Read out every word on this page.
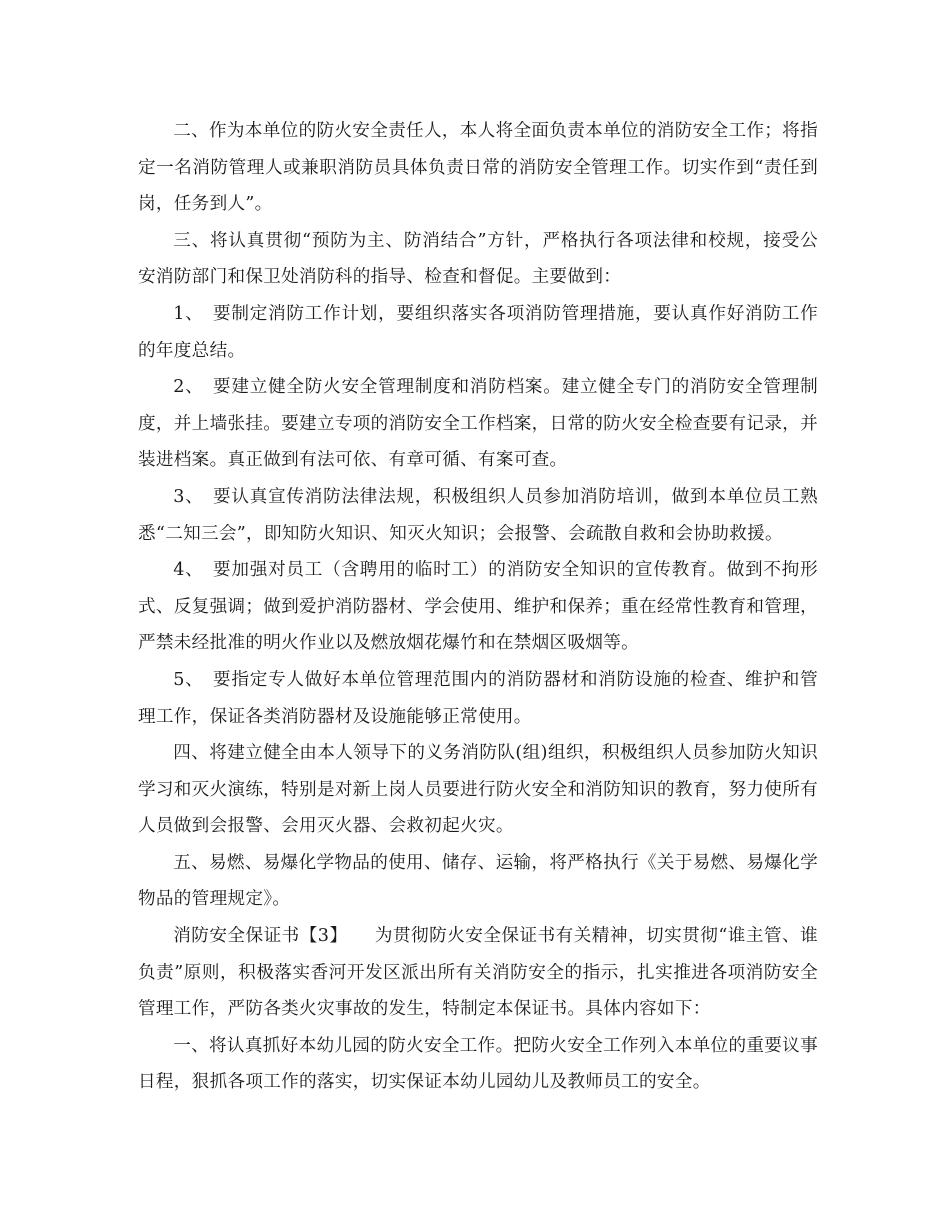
二、作为本单位的防火安全责任人，本人将全面负责本单位的消防安全工作；将指定一名消防管理人或兼职消防员具体负责日常的消防安全管理工作。切实作到“责任到岗，任务到人”。

三、将认真贯彻“预防为主、防消结合”方针，严格执行各项法律和校规，接受公安消防部门和保卫处消防科的指导、检查和督促。主要做到：

1、　要制定消防工作计划，要组织落实各项消防管理措施，要认真作好消防工作的年度总结。

2、　要建立健全防火安全管理制度和消防档案。建立健全专门的消防安全管理制度，并上墙张挂。要建立专项的消防安全工作档案，日常的防火安全检查要有记录，并装进档案。真正做到有法可依、有章可循、有案可查。

3、　要认真宣传消防法律法规，积极组织人员参加消防培训，做到本单位员工熟悉“二知三会”，即知防火知识、知灭火知识；会报警、会疏散自救和会协助救援。

4、　要加强对员工（含聘用的临时工）的消防安全知识的宣传教育。做到不拘形式、反复强调；做到爱护消防器材、学会使用、维护和保养；重在经常性教育和管理，严禁未经批准的明火作业以及燃放烟花爆竹和在禁烟区吸烟等。

5、　要指定专人做好本单位管理范围内的消防器材和消防设施的检查、维护和管理工作，保证各类消防器材及设施能够正常使用。

四、将建立健全由本人领导下的义务消防队(组)组织，积极组织人员参加防火知识学习和灭火演练，特别是对新上岗人员要进行防火安全和消防知识的教育，努力使所有人员做到会报警、会用灭火器、会救初起火灾。

五、易燃、易爆化学物品的使用、储存、运输，将严格执行《关于易燃、易爆化学物品的管理规定》。

消防安全保证书【3】　　为贯彻防火安全保证书有关精神，切实贯彻“谁主管、谁负责”原则，积极落实香河开发区派出所有关消防安全的指示，扎实推进各项消防安全管理工作，严防各类火灾事故的发生，特制定本保证书。具体内容如下：

一、将认真抓好本幼儿园的防火安全工作。把防火安全工作列入本单位的重要议事日程，狠抓各项工作的落实，切实保证本幼儿园幼儿及教师员工的安全。
